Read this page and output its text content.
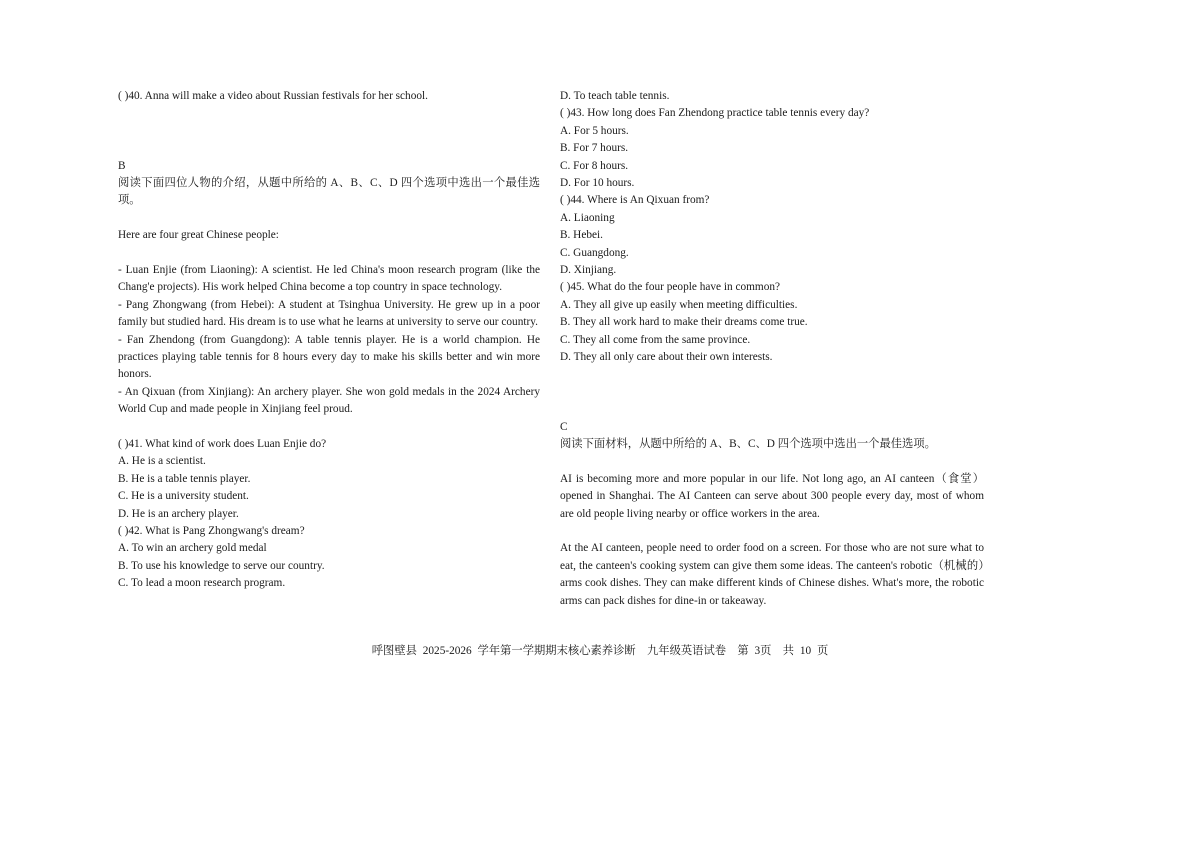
( )40. Anna will make a video about Russian festivals for her school.

B

阅读下面四位人物的介绍，从题中所给的 A、B、C、D 四个选项中选出一个最佳选项。

Here are four great Chinese people:

- Luan Enjie (from Liaoning): A scientist. He led China's moon research program (like the Chang'e projects). His work helped China become a top country in space technology.

- Pang Zhongwang (from Hebei): A student at Tsinghua University. He grew up in a poor family but studied hard. His dream is to use what he learns at university to serve our country.

- Fan Zhendong (from Guangdong): A table tennis player. He is a world champion. He practices playing table tennis for 8 hours every day to make his skills better and win more honors.

- An Qixuan (from Xinjiang): An archery player. She won gold medals in the 2024 Archery World Cup and made people in Xinjiang feel proud.

( )41. What kind of work does Luan Enjie do?

A. He is a scientist.

B. He is a table tennis player.

C. He is a university student.

D. He is an archery player.

( )42. What is Pang Zhongwang's dream?

A. To win an archery gold medal

B. To use his knowledge to serve our country.

C. To lead a moon research program.

D. To teach table tennis.

( )43. How long does Fan Zhendong practice table tennis every day?

A. For 5 hours.

B. For 7 hours.

C. For 8 hours.

D. For 10 hours.

( )44. Where is An Qixuan from?

A. Liaoning

B. Hebei.

C. Guangdong.

D. Xinjiang.

( )45. What do the four people have in common?

A. They all give up easily when meeting difficulties.

B. They all work hard to make their dreams come true.

C. They all come from the same province.

D. They all only care about their own interests.

C

阅读下面材料，从题中所给的 A、B、C、D 四个选项中选出一个最佳选项。

AI is becoming more and more popular in our life. Not long ago, an AI canteen（食堂）opened in Shanghai. The AI Canteen can serve about 300 people every day, most of whom are old people living nearby or office workers in the area.

At the AI canteen, people need to order food on a screen. For those who are not sure what to eat, the canteen's cooking system can give them some ideas. The canteen's robotic（机械的）arms cook dishes. They can make different kinds of Chinese dishes. What's more, the robotic arms can pack dishes for dine-in or takeaway.

呼图壁县 2025-2026 学年第一学期期末核心素养诊断　九年级英语试卷　第 3页　共 10 页
